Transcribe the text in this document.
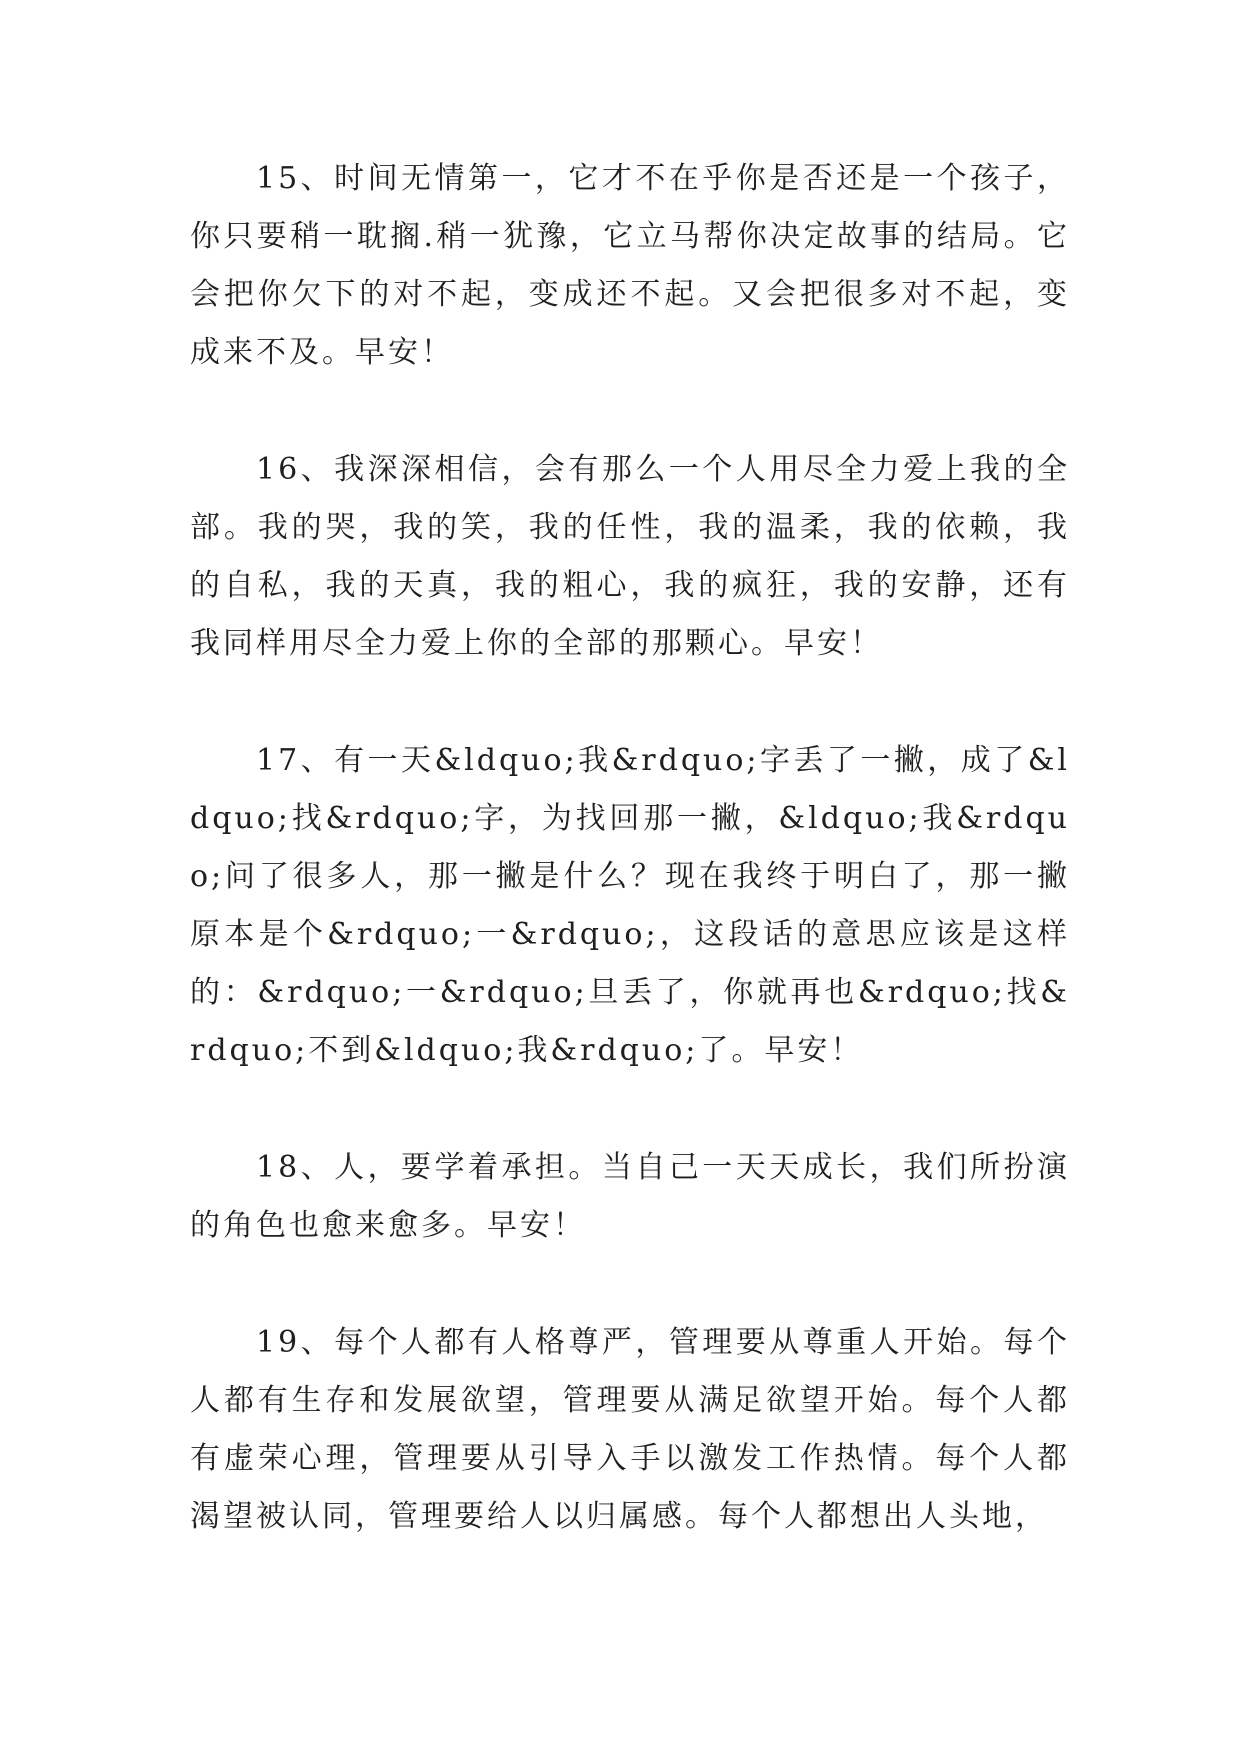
15、时间无情第一，它才不在乎你是否还是一个孩子，你只要稍一耽搁.稍一犹豫，它立马帮你决定故事的结局。它会把你欠下的对不起，变成还不起。又会把很多对不起，变成来不及。早安！

16、我深深相信，会有那么一个人用尽全力爱上我的全部。我的哭，我的笑，我的任性，我的温柔，我的依赖，我的自私，我的天真，我的粗心，我的疯狂，我的安静，还有我同样用尽全力爱上你的全部的那颗心。早安！

17、有一天&ldquo;我&rdquo;字丢了一撇，成了&ldquo;找&rdquo;字，为找回那一撇，&ldquo;我&rdquo;问了很多人，那一撇是什么？现在我终于明白了，那一撇原本是个&rdquo;一&rdquo;，这段话的意思应该是这样的：&rdquo;一&rdquo;旦丢了，你就再也&rdquo;找&rdquo;不到&ldquo;我&rdquo;了。早安！

18、人，要学着承担。当自己一天天成长，我们所扮演的角色也愈来愈多。早安！

19、每个人都有人格尊严，管理要从尊重人开始。每个人都有生存和发展欲望，管理要从满足欲望开始。每个人都有虚荣心理，管理要从引导入手以激发工作热情。每个人都渴望被认同，管理要给人以归属感。每个人都想出人头地，
